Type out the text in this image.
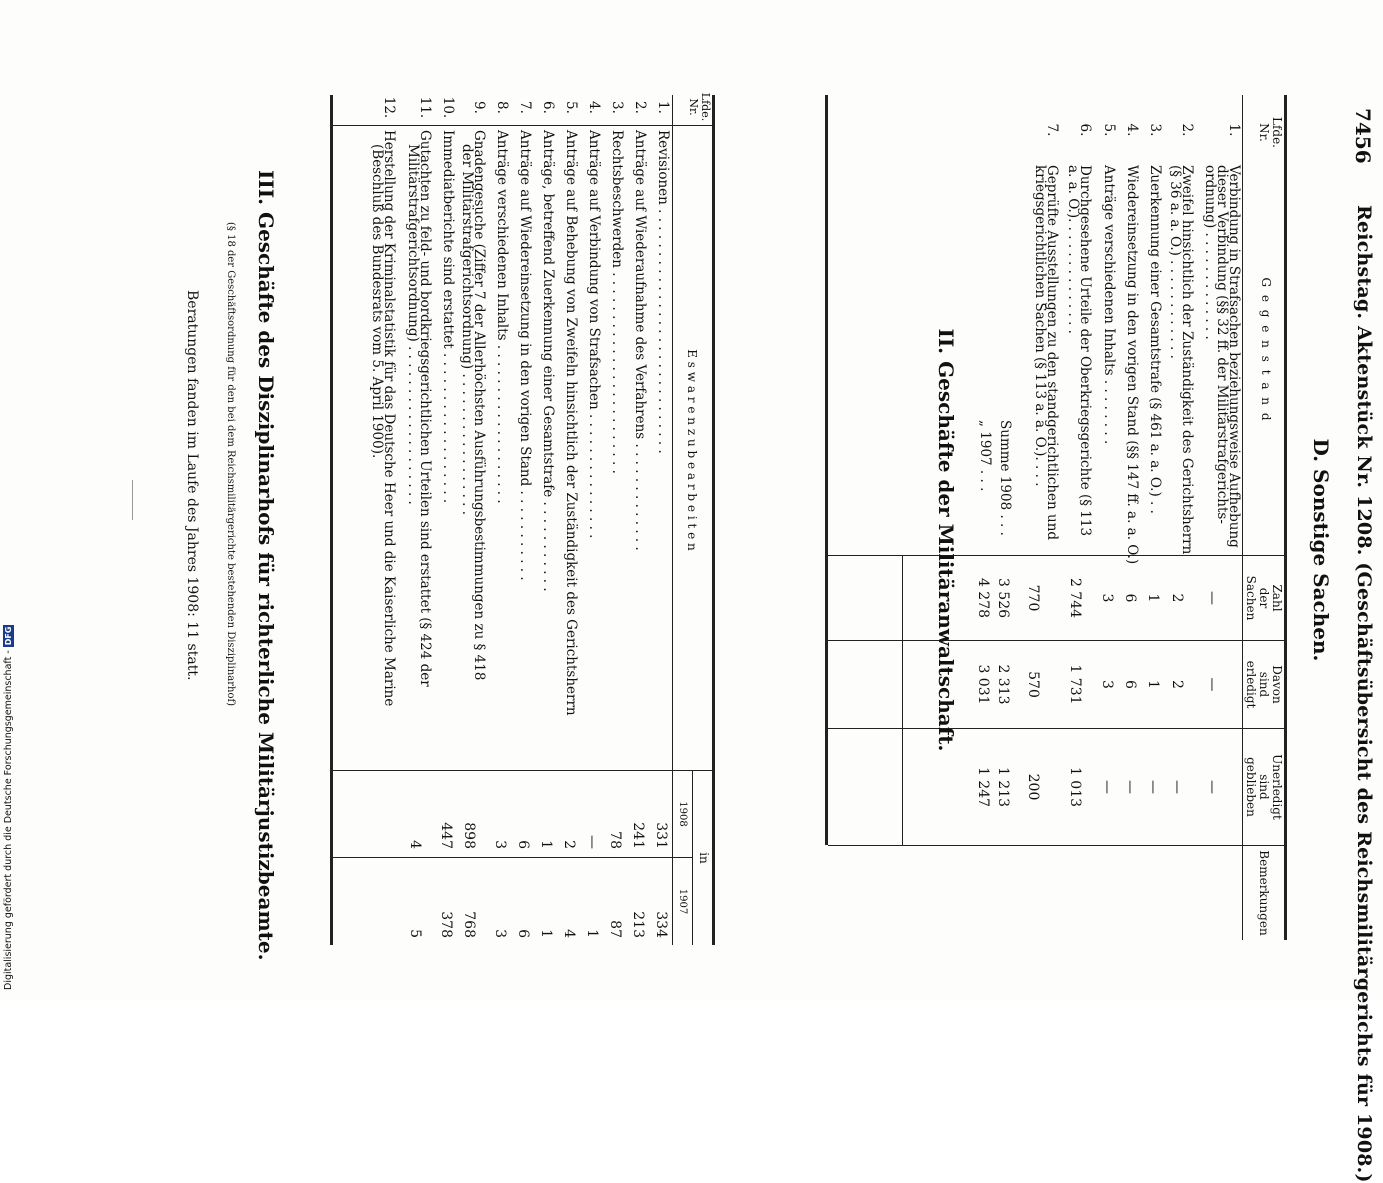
7456
Reichstag. Aktenstück Nr. 1208. (Geschäftsübersicht des Reichsmilitärgerichts für 1908.)
D. Sonstige Sachen.
Lfde.
Nr.
G e g e n s t a n d
Zahl
der
Sachen
Davon
sind
erledigt
Unerledigt
sind
geblieben
Bemerkungen
1.
Verbindung in Strafsachen beziehungsweise Aufhebung
dieser Verbindung (§§ 32 ff. der Militärstrafgerichts-
ordnung) . . . . . . . . . . . . .
—
—
—
2.
Zweifel hinsichtlich der Zuständigkeit des Gerichtsherrn
(§ 36 a. a. O.) . . . . . . . . . . . .
2
2
—
3.
Zuerkennung einer Gesamtstrafe (§ 461 a. a. O.) . .
1
1
—
4.
Wiedereinsetzung in den vorigen Stand (§§ 147 ff. a. a. O.)
6
6
—
5.
Anträge verschiedenen Inhalts . . . . . . . .
3
3
—
6.
Durchgesehene Urteile der Oberkriegsgerichte (§ 113
a. a. O.). . . . . . . . . . . . . .
2 744
1 731
1 013
7.
Geprüfte Ausstellungen zu den standgerichtlichen und
kriegsgerichtlichen Sachen (§ 113 a. a. O.). . . .
770
570
200
Summe 1908 . . .
3 526
2 313
1 213
„ 1907 . . .
4 278
3 031
1 247
II. Geschäfte der Militäranwaltschaft.
Lfde.
Nr.
E s w a r e n z u b e a r b e i t e n
in
1908
1907
1.
Revisionen . . . . . . . . . . . . . . . . . . . . . . . . . . . . .
331
334
2.
Anträge auf Wiederaufnahme des Verfahrens . . . . . . . . . . . . .
241
213
3.
Rechtsbeschwerden . . . . . . . . . . . . . . . . . . . . . . . .
78
87
4.
Anträge auf Verbindung von Strafsachen . . . . . . . . . . . . . . .
—
1
5.
Anträge auf Behebung von Zweifeln hinsichtlich der Zuständigkeit des Gerichtsherrn
2
4
6.
Anträge, betreffend Zuerkennung einer Gesamtstrafe . . . . . . . . . . .
1
1
7.
Anträge auf Wiedereinsetzung in den vorigen Stand . . . . . . . . . . .
6
6
8.
Anträge verschiedenen Inhalts . . . . . . . . . . . . . . . . . . .
3
3
9.
Gnadengesuche (Ziffer 7 der Allerhöchsten Ausführungsbestimmungen zu § 418
der Militärstrafgerichtsordnung) . . . . . . . . . . . . . . . . .
898
768
10.
Immediatberichte sind erstattet . . . . . . . . . . . . . . . . . .
447
378
11.
Gutachten zu feld- und bordkriegsgerichtlichen Urteilen sind erstattet (§ 424 der
Militärstrafgerichtsordnung) . . . . . . . . . . . . . . . . . . .
4
5
12.
Herstellung der Kriminalstatistik für das Deutsche Heer und die Kaiserliche Marine
(Beschluß des Bundesrats vom 5. April 1900).
III. Geschäfte des Disziplinarhofs für richterliche Militärjustizbeamte.
(§ 18 der Geschäftsordnung für den bei dem Reichsmilitärgerichte bestehenden Disziplinarhof)
Beratungen fanden im Laufe des Jahres 1908: 11 statt.
Digitalisierung gefördert durch die Deutsche Forschungsgemeinschaft -DFG
